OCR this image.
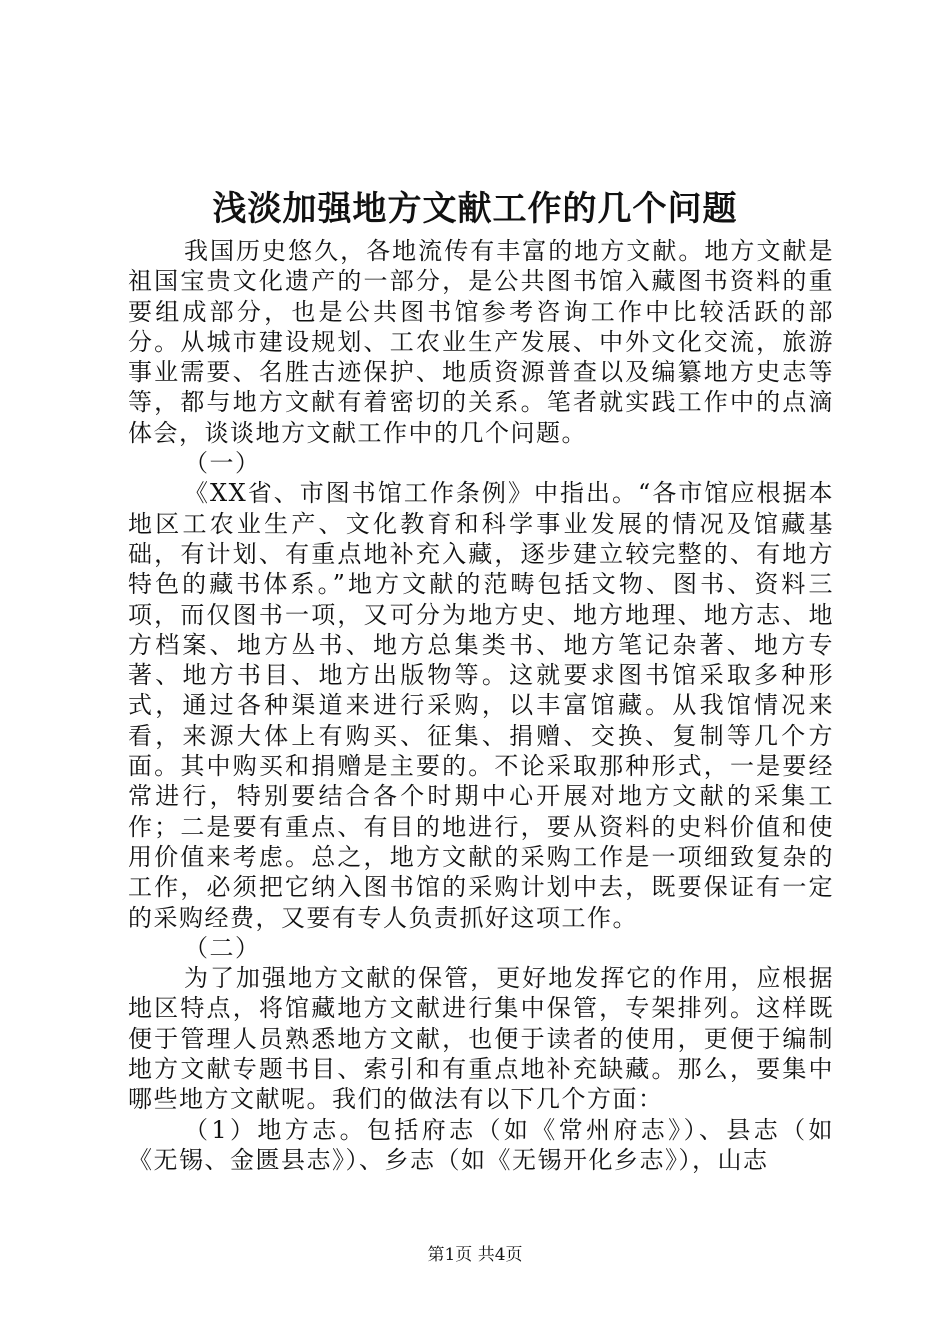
浅淡加强地方文献工作的几个问题

我国历史悠久，各地流传有丰富的地方文献。地方文献是祖国宝贵文化遗产的一部分，是公共图书馆入藏图书资料的重要组成部分，也是公共图书馆参考咨询工作中比较活跃的部分。从城市建设规划、工农业生产发展、中外文化交流，旅游事业需要、名胜古迹保护、地质资源普查以及编纂地方史志等等，都与地方文献有着密切的关系。笔者就实践工作中的点滴体会，谈谈地方文献工作中的几个问题。

（一）

《XX省、市图书馆工作条例》中指出。“各市馆应根据本地区工农业生产、文化教育和科学事业发展的情况及馆藏基础，有计划、有重点地补充入藏，逐步建立较完整的、有地方特色的藏书体系。”地方文献的范畴包括文物、图书、资料三项，而仅图书一项，又可分为地方史、地方地理、地方志、地方档案、地方丛书、地方总集类书、地方笔记杂著、地方专著、地方书目、地方出版物等。这就要求图书馆采取多种形式，通过各种渠道来进行采购，以丰富馆藏。从我馆情况来看，来源大体上有购买、征集、捐赠、交换、复制等几个方面。其中购买和捐赠是主要的。不论采取那种形式，一是要经常进行，特别要结合各个时期中心开展对地方文献的采集工作；二是要有重点、有目的地进行，要从资料的史料价值和使用价值来考虑。总之，地方文献的采购工作是一项细致复杂的工作，必须把它纳入图书馆的采购计划中去，既要保证有一定的采购经费，又要有专人负责抓好这项工作。

（二）

为了加强地方文献的保管，更好地发挥它的作用，应根据地区特点，将馆藏地方文献进行集中保管，专架排列。这样既便于管理人员熟悉地方文献，也便于读者的使用，更便于编制地方文献专题书目、索引和有重点地补充缺藏。那么，要集中哪些地方文献呢。我们的做法有以下几个方面：

（1）地方志。包括府志（如《常州府志》）、县志（如《无锡、金匮县志》）、乡志（如《无锡开化乡志》），山志

第1页 共4页
